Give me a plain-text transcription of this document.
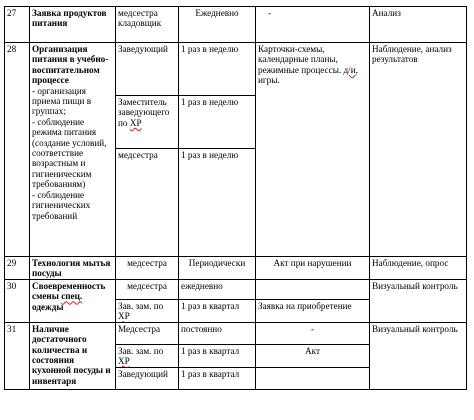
27	Заявка продуктов питания	медсестра кладовщик	Ежедневно	-	Анализ
28	Организация питания в учебно-воспитательном процессе
- организация приема пищи в группах;
- соблюдение режима питания (создание условий, соответствие возрастным и гигиеническим требованиям)
- соблюдение гигиенических требований	Заведующий	1 раз в неделю	Карточки-схемы, календарные планы, режимные процессы. д/и, игры.	Наблюдение, анализ результатов
		Заместитель заведующего по ХР	1 раз в неделю		
		медсестра	1 раз в неделю		
29	Технология мытья посуды	медсестра	Периодически	Акт при нарушении	Наблюдение, опрос
30	Своевременность смены спец. одежды	медсестра	ежедневно		Визуальный контроль
		Зав. зам. по ХР	1 раз в квартал	Заявка на приобретение	
31	Наличие достаточного количества и состояния кухонной посуды и инвентаря	Медсестра	постоянно	-	Визуальный контроль
		Зав. зам. по ХР	1 раз в квартал	Акт	
		Заведующий	1 раз в квартал		
